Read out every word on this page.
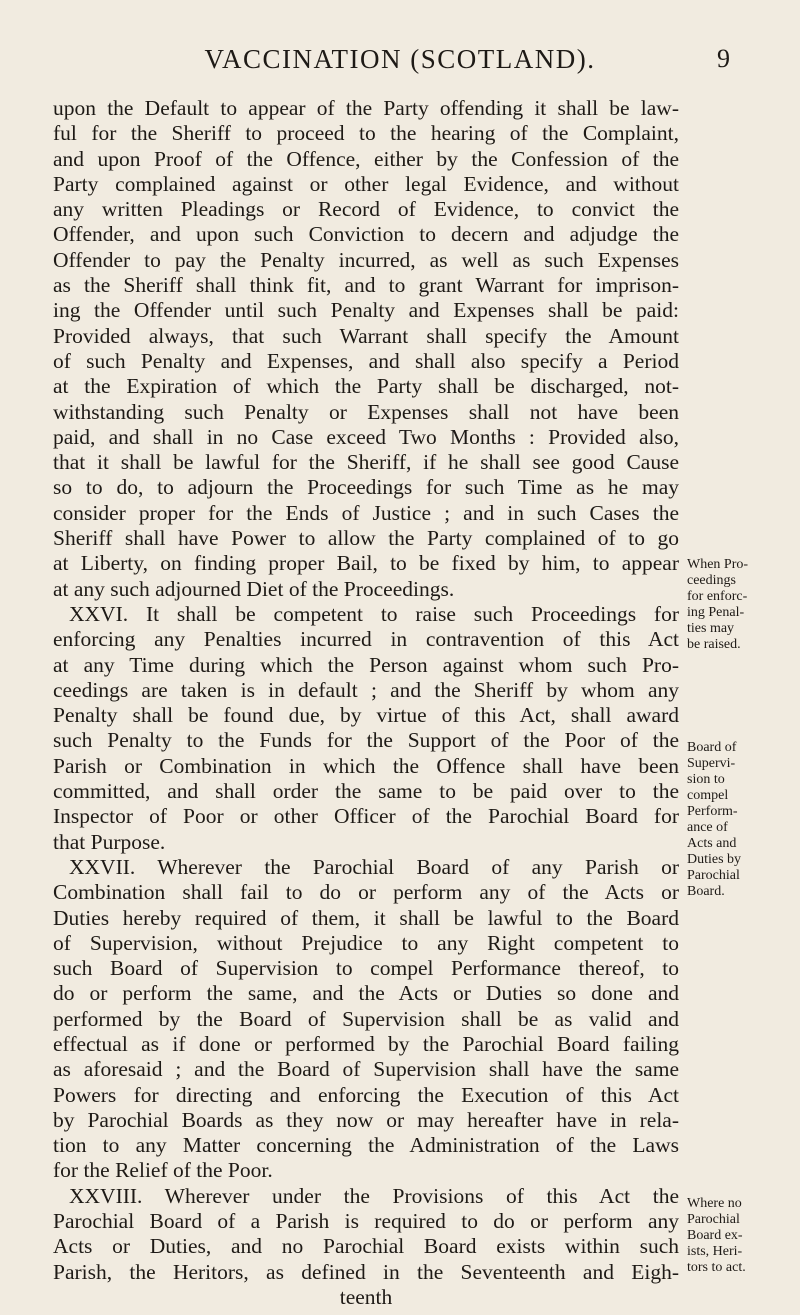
VACCINATION (SCOTLAND).	9
upon the Default to appear of the Party offending it shall be law-
ful for the Sheriff to proceed to the hearing of the Complaint,
and upon Proof of the Offence, either by the Confession of the
Party complained against or other legal Evidence, and without
any written Pleadings or Record of Evidence, to convict the
Offender, and upon such Conviction to decern and adjudge the
Offender to pay the Penalty incurred, as well as such Expenses
as the Sheriff shall think fit, and to grant Warrant for imprison-
ing the Offender until such Penalty and Expenses shall be paid:
Provided always, that such Warrant shall specify the Amount
of such Penalty and Expenses, and shall also specify a Period
at the Expiration of which the Party shall be discharged, not-
withstanding such Penalty or Expenses shall not have been
paid, and shall in no Case exceed Two Months : Provided also,
that it shall be lawful for the Sheriff, if he shall see good Cause
so to do, to adjourn the Proceedings for such Time as he may
consider proper for the Ends of Justice ; and in such Cases the
Sheriff shall have Power to allow the Party complained of to go
at Liberty, on finding proper Bail, to be fixed by him, to appear
at any such adjourned Diet of the Proceedings.
XXVI. It shall be competent to raise such Proceedings for
enforcing any Penalties incurred in contravention of this Act
at any Time during which the Person against whom such Pro-
ceedings are taken is in default ; and the Sheriff by whom any
Penalty shall be found due, by virtue of this Act, shall award
such Penalty to the Funds for the Support of the Poor of the
Parish or Combination in which the Offence shall have been
committed, and shall order the same to be paid over to the
Inspector of Poor or other Officer of the Parochial Board for
that Purpose.
XXVII. Wherever the Parochial Board of any Parish or
Combination shall fail to do or perform any of the Acts or
Duties hereby required of them, it shall be lawful to the Board
of Supervision, without Prejudice to any Right competent to
such Board of Supervision to compel Performance thereof, to
do or perform the same, and the Acts or Duties so done and
performed by the Board of Supervision shall be as valid and
effectual as if done or performed by the Parochial Board failing
as aforesaid ; and the Board of Supervision shall have the same
Powers for directing and enforcing the Execution of this Act
by Parochial Boards as they now or may hereafter have in rela-
tion to any Matter concerning the Administration of the Laws
for the Relief of the Poor.
XXVIII. Wherever under the Provisions of this Act the
Parochial Board of a Parish is required to do or perform any
Acts or Duties, and no Parochial Board exists within such
Parish, the Heritors, as defined in the Seventeenth and Eigh-
teenth
When Pro-
ceedings
for enforc-
ing Penal-
ties may
be raised.
Board of
Supervi-
sion to
compel
Perform-
ance of
Acts and
Duties by
Parochial
Board.
Where no
Parochial
Board ex-
ists, Heri-
tors to act.
